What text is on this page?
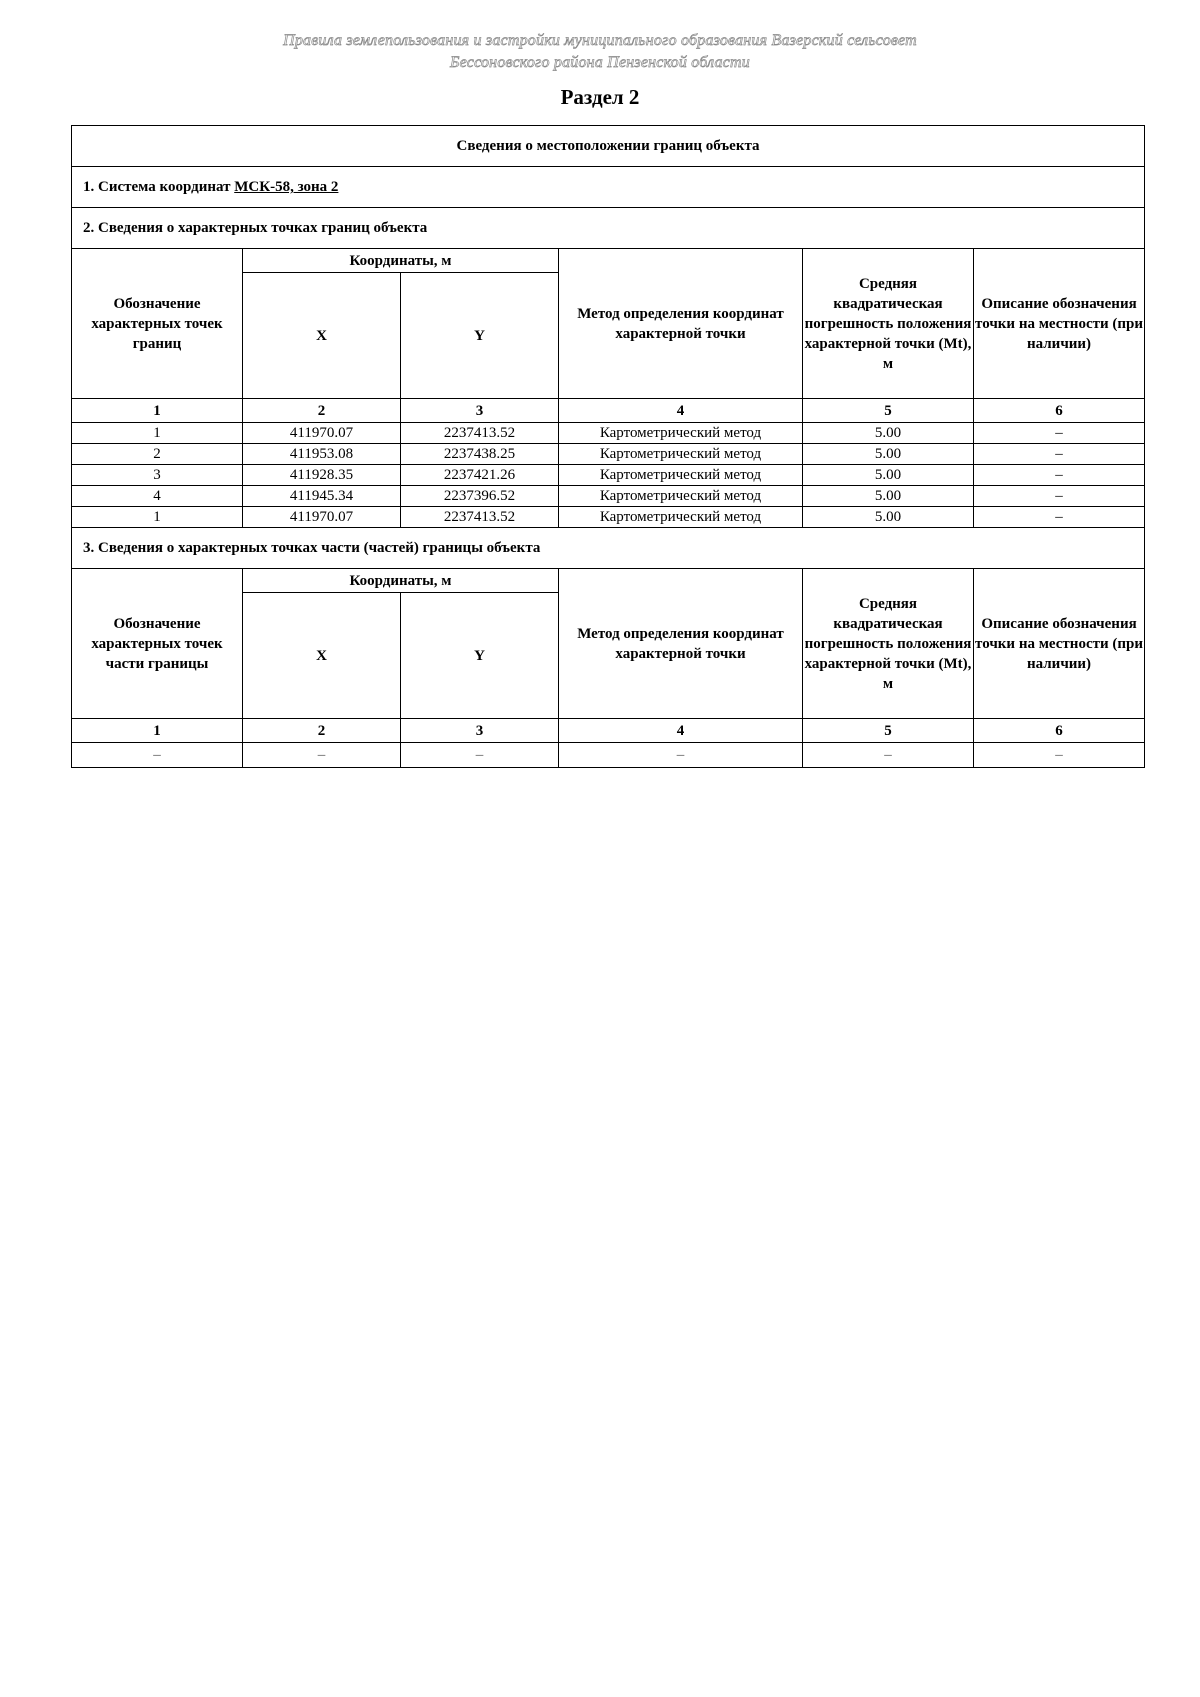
Правила землепользования и застройки муниципального образования Вазерский сельсовет
Бессоновского района Пензенской области
Раздел 2
Сведения о местоположении границ объекта					
1. Система координат МСК-58, зона 2					
2. Сведения о характерных точках границ объекта					
Обозначение характерных точек границ	Координаты, м		Метод определения координат характерной точки	Средняя квадратическая погрешность положения характерной точки (Mt), м	Описание обозначения точки на местности (при наличии)
	X	Y			
1	2	3	4	5	6
1	411970.07	2237413.52	Картометрический метод	5.00	–
2	411953.08	2237438.25	Картометрический метод	5.00	–
3	411928.35	2237421.26	Картометрический метод	5.00	–
4	411945.34	2237396.52	Картометрический метод	5.00	–
1	411970.07	2237413.52	Картометрический метод	5.00	–
3. Сведения о характерных точках части (частей) границы объекта					
Обозначение характерных точек части границы	Координаты, м		Метод определения координат характерной точки	Средняя квадратическая погрешность положения характерной точки (Mt), м	Описание обозначения точки на местности (при наличии)
	X	Y			
1	2	3	4	5	6
–	–	–	–	–	–
